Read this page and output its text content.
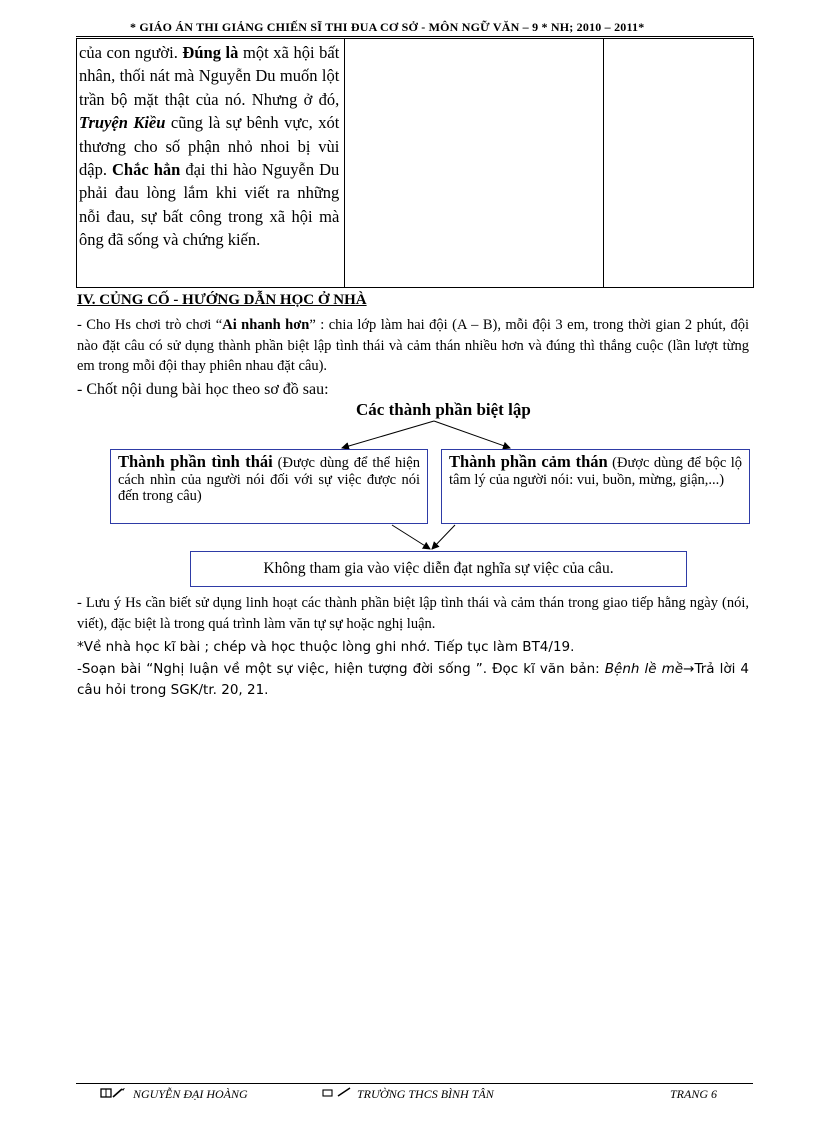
* GIÁO ÁN THI GIẢNG CHIẾN SĨ THI ĐUA CƠ SỞ - MÔN NGỮ VĂN – 9 * NH; 2010 – 2011*
của con người. Đúng là một xã hội bất nhân, thối nát mà Nguyễn Du muốn lột trần bộ mặt thật của nó. Nhưng ở đó, Truyện Kiều cũng là sự bênh vực, xót thương cho số phận nhỏ nhoi bị vùi dập. Chắc hẳn đại thi hào Nguyễn Du phải đau lòng lắm khi viết ra những nỗi đau, sự bất công trong xã hội mà ông đã sống và chứng kiến.

IV. CỦNG CỐ - HƯỚNG DẪN HỌC Ở NHÀ
- Cho Hs chơi trò chơi “Ai nhanh hơn” : chia lớp làm hai đội (A – B), mỗi đội 3 em, trong thời gian 2 phút, đội nào đặt câu có sử dụng thành phần biệt lập tình thái và cảm thán nhiều hơn và đúng thì thắng cuộc (lần lượt từng em trong mỗi đội thay phiên nhau đặt câu).
- Chốt nội dung bài học theo sơ đồ sau:
Các thành phần biệt lập

Thành phần tình thái (Được dùng để thể hiện cách nhìn của người nói đối với sự việc được nói đến trong câu)

Thành phần cảm thán (Được dùng để bộc lộ tâm lý của người nói: vui, buồn, mừng, giận,...)

Không tham gia vào việc diễn đạt nghĩa sự việc của câu.
- Lưu ý Hs cần biết sử dụng linh hoạt các thành phần biệt lập tình thái và cảm thán trong giao tiếp hằng ngày (nói, viết), đặc biệt là trong quá trình làm văn tự sự hoặc nghị luận.
*Về nhà học kĩ bài ; chép và học thuộc lòng ghi nhớ. Tiếp tục làm BT4/19.
-Soạn bài “Nghị luận về một sự việc, hiện tượng đời sống ”. Đọc kĩ văn bản: Bệnh lề mề→Trả lời 4 câu hỏi trong SGK/tr. 20, 21.
NGUYỄN ĐẠI HOÀNG	TRƯỜNG THCS BÌNH TÂN	TRANG 6
